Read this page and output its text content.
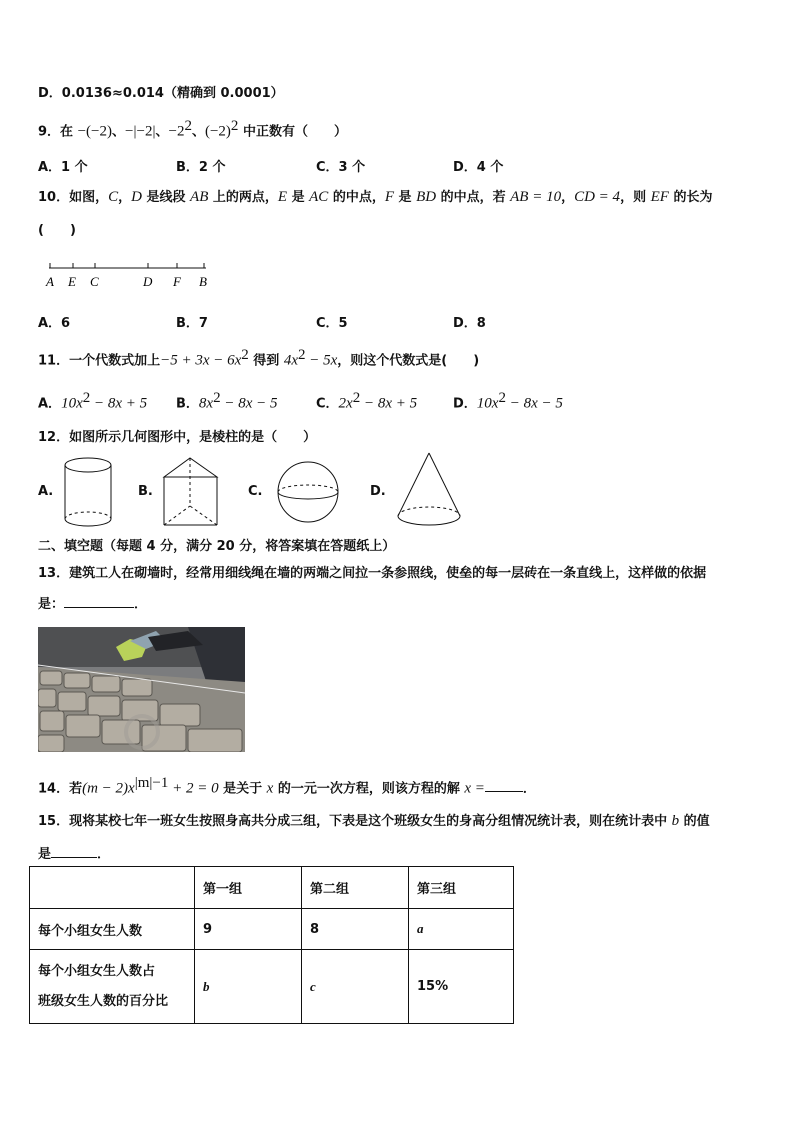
D．0.0136≈0.014（精确到 0.0001）
9．在 −(−2)、−|−2|、$-2^2$、$(-2)^2$ 中正数有（　　）
A．1 个	B．2 个	C．3 个	D．4 个
10．如图，C，D 是线段 AB 上的两点，E 是 AC 的中点，F 是 BD 的中点，若 AB = 10，CD = 4，则 EF 的长为
(　　)
A E C	D F B
A．6	B．7	C．5	D．8
11．一个代数式加上$-5 + 3x - 6x^2$ 得到 $4x^2 - 5x$，则这个代数式是(　　)
A．$10x^2 - 8x + 5$ B．$8x^2 - 8x - 5$	C．$2x^2 - 8x + 5$	D．$10x^2 - 8x - 5$
12．如图所示几何图形中，是棱柱的是（　　）
A.	B.	C.	D.
二、填空题（每题 4 分，满分 20 分，将答案填在答题纸上）
13．建筑工人在砌墙时，经常用细线绳在墙的两端之间拉一条参照线，使垒的每一层砖在一条直线上，这样做的依据
是：	．
14．若$(m - 2)x^{|m|-1} + 2 = 0$ 是关于 x 的一元一次方程，则该方程的解 x =	．
15．现将某校七年一班女生按照身高共分成三组，下表是这个班级女生的身高分组情况统计表，则在统计表中 b 的值
是	．
	第一组	第二组	第三组
每个小组女生人数	9	8	a

每个小组女生人数占
班级女生人数的百分比	b	c	15%
